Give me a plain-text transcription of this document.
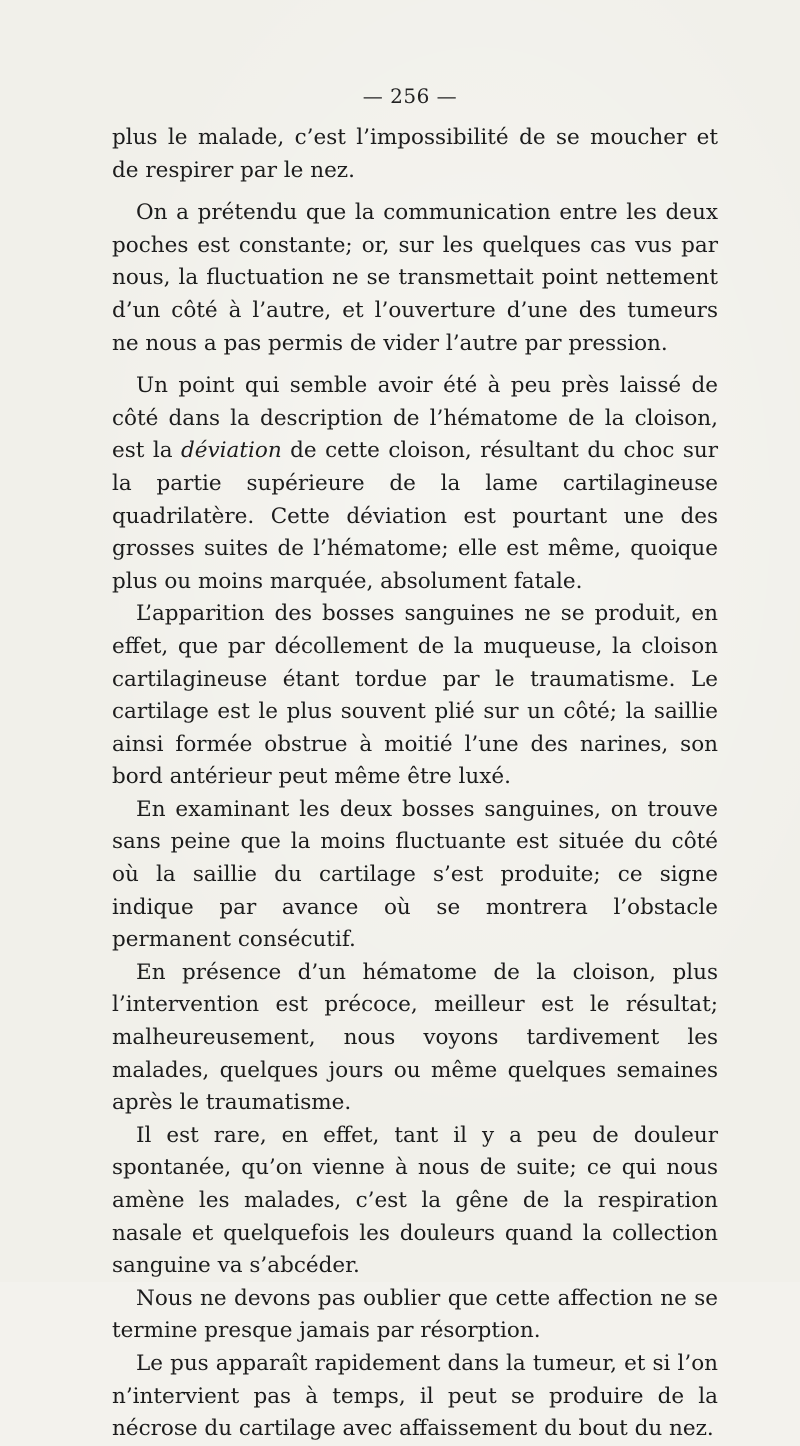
— 256 —

plus le malade, c’est l’impossibilité de se moucher et de respirer par le nez.

On a prétendu que la communication entre les deux poches est constante; or, sur les quelques cas vus par nous, la fluctuation ne se transmettait point nettement d’un côté à l’autre, et l’ouverture d’une des tumeurs ne nous a pas permis de vider l’autre par pression.

Un point qui semble avoir été à peu près laissé de côté dans la description de l’hématome de la cloison, est la déviation de cette cloison, résultant du choc sur la partie supérieure de la lame cartilagineuse quadrilatère. Cette déviation est pourtant une des grosses suites de l’hématome; elle est même, quoique plus ou moins marquée, absolument fatale.

L’apparition des bosses sanguines ne se produit, en effet, que par décollement de la muqueuse, la cloison cartilagineuse étant tordue par le traumatisme. Le cartilage est le plus souvent plié sur un côté; la saillie ainsi formée obstrue à moitié l’une des narines, son bord antérieur peut même être luxé.

En examinant les deux bosses sanguines, on trouve sans peine que la moins fluctuante est située du côté où la saillie du cartilage s’est produite; ce signe indique par avance où se montrera l’obstacle permanent consécutif.

En présence d’un hématome de la cloison, plus l’intervention est précoce, meilleur est le résultat; malheureusement, nous voyons tardivement les malades, quelques jours ou même quelques semaines après le traumatisme.

Il est rare, en effet, tant il y a peu de douleur spontanée, qu’on vienne à nous de suite; ce qui nous amène les malades, c’est la gêne de la respiration nasale et quelquefois les douleurs quand la collection sanguine va s’abcéder.

Nous ne devons pas oublier que cette affection ne se termine presque jamais par résorption.

Le pus apparaît rapidement dans la tumeur, et si l’on n’intervient pas à temps, il peut se produire de la nécrose du cartilage avec affaissement du bout du nez.
